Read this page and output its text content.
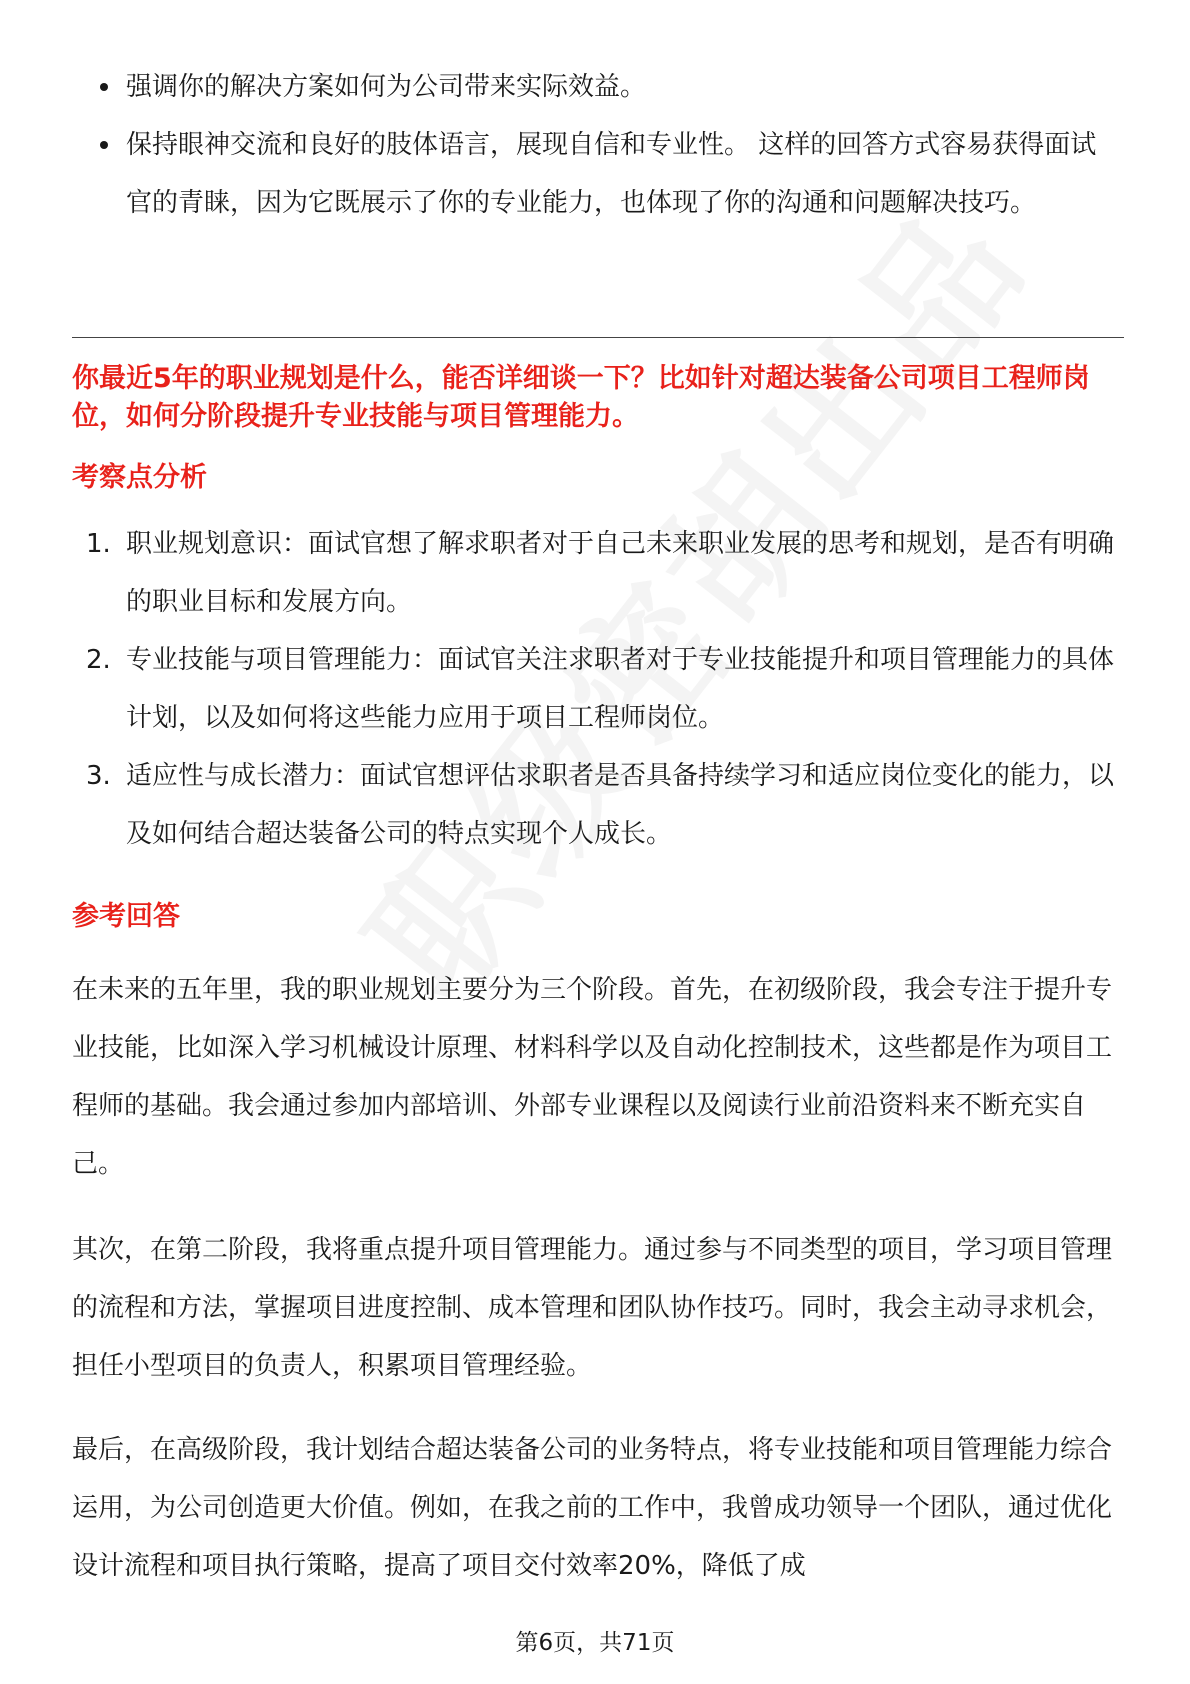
强调你的解决方案如何为公司带来实际效益。
保持眼神交流和良好的肢体语言，展现自信和专业性。 这样的回答方式容易获得面试官的青睐，因为它既展示了你的专业能力，也体现了你的沟通和问题解决技巧。
你最近5年的职业规划是什么，能否详细谈一下？比如针对超达装备公司项目工程师岗位，如何分阶段提升专业技能与项目管理能力。
考察点分析
1. 职业规划意识：面试官想了解求职者对于自己未来职业发展的思考和规划，是否有明确的职业目标和发展方向。
2. 专业技能与项目管理能力：面试官关注求职者对于专业技能提升和项目管理能力的具体计划，以及如何将这些能力应用于项目工程师岗位。
3. 适应性与成长潜力：面试官想评估求职者是否具备持续学习和适应岗位变化的能力，以及如何结合超达装备公司的特点实现个人成长。
参考回答

在未来的五年里，我的职业规划主要分为三个阶段。首先，在初级阶段，我会专注于提升专业技能，比如深入学习机械设计原理、材料科学以及自动化控制技术，这些都是作为项目工程师的基础。我会通过参加内部培训、外部专业课程以及阅读行业前沿资料来不断充实自己。

其次，在第二阶段，我将重点提升项目管理能力。通过参与不同类型的项目，学习项目管理的流程和方法，掌握项目进度控制、成本管理和团队协作技巧。同时，我会主动寻求机会，担任小型项目的负责人，积累项目管理经验。

最后，在高级阶段，我计划结合超达装备公司的业务特点，将专业技能和项目管理能力综合运用，为公司创造更大价值。例如，在我之前的工作中，我曾成功领导一个团队，通过优化设计流程和项目执行策略，提高了项目交付效率20%，降低了成

第6页，共71页
